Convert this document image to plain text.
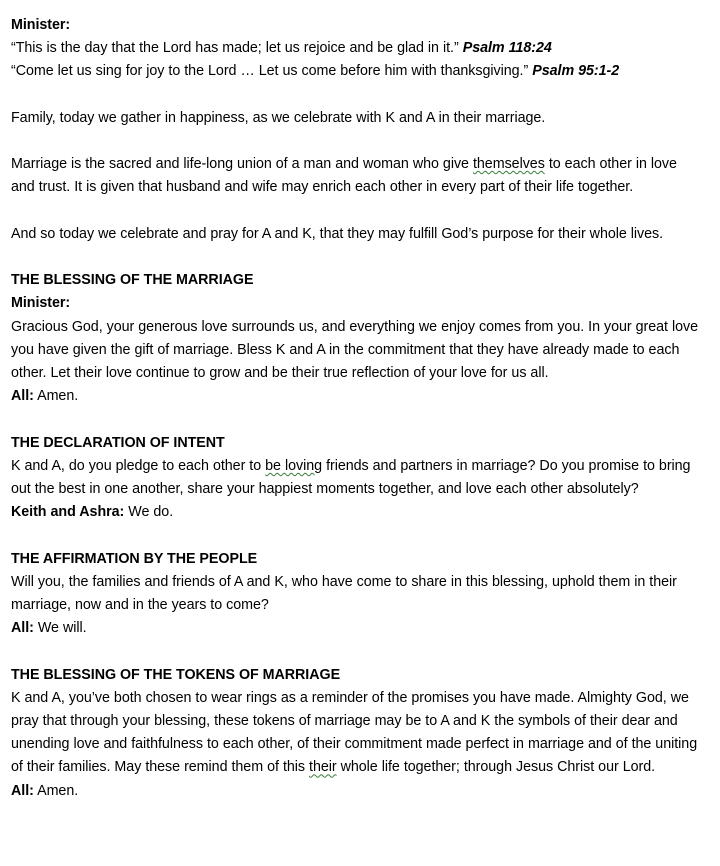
Minister:
“This is the day that the Lord has made; let us rejoice and be glad in it.” Psalm 118:24
“Come let us sing for joy to the Lord … Let us come before him with thanksgiving.” Psalm 95:1-2
Family, today we gather in happiness, as we celebrate with K and A in their marriage.
Marriage is the sacred and life-long union of a man and woman who give themselves to each other in love and trust. It is given that husband and wife may enrich each other in every part of their life together.
And so today we celebrate and pray for A and K, that they may fulfill God’s purpose for their whole lives.
THE BLESSING OF THE MARRIAGE
Minister:
Gracious God, your generous love surrounds us, and everything we enjoy comes from you. In your great love you have given the gift of marriage. Bless K and A in the commitment that they have already made to each other. Let their love continue to grow and be their true reflection of your love for us all.
All: Amen.
THE DECLARATION OF INTENT
K and A, do you pledge to each other to be loving friends and partners in marriage? Do you promise to bring out the best in one another, share your happiest moments together, and love each other absolutely?
Keith and Ashra: We do.
THE AFFIRMATION BY THE PEOPLE
Will you, the families and friends of A and K, who have come to share in this blessing, uphold them in their marriage, now and in the years to come?
All: We will.
THE BLESSING OF THE TOKENS OF MARRIAGE
K and A, you’ve both chosen to wear rings as a reminder of the promises you have made. Almighty God, we pray that through your blessing, these tokens of marriage may be to A and K the symbols of their dear and unending love and faithfulness to each other, of their commitment made perfect in marriage and of the uniting of their families. May these remind them of this their whole life together; through Jesus Christ our Lord.
All: Amen.
